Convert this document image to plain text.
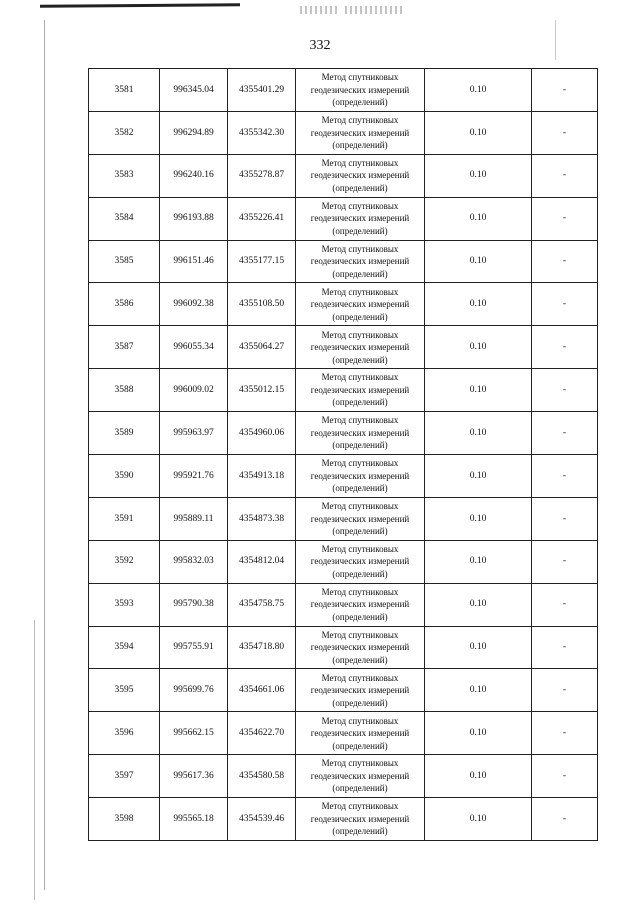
332
3581	996345.04	4355401.29	Метод спутниковых
геодезических измерений
(определений)	0.10	-
3582	996294.89	4355342.30	Метод спутниковых
геодезических измерений
(определений)	0.10	-
3583	996240.16	4355278.87	Метод спутниковых
геодезических измерений
(определений)	0.10	-
3584	996193.88	4355226.41	Метод спутниковых
геодезических измерений
(определений)	0.10	-
3585	996151.46	4355177.15	Метод спутниковых
геодезических измерений
(определений)	0.10	-
3586	996092.38	4355108.50	Метод спутниковых
геодезических измерений
(определений)	0.10	-
3587	996055.34	4355064.27	Метод спутниковых
геодезических измерений
(определений)	0.10	-
3588	996009.02	4355012.15	Метод спутниковых
геодезических измерений
(определений)	0.10	-
3589	995963.97	4354960.06	Метод спутниковых
геодезических измерений
(определений)	0.10	-
3590	995921.76	4354913.18	Метод спутниковых
геодезических измерений
(определений)	0.10	-
3591	995889.11	4354873.38	Метод спутниковых
геодезических измерений
(определений)	0.10	-
3592	995832.03	4354812.04	Метод спутниковых
геодезических измерений
(определений)	0.10	-
3593	995790.38	4354758.75	Метод спутниковых
геодезических измерений
(определений)	0.10	-
3594	995755.91	4354718.80	Метод спутниковых
геодезических измерений
(определений)	0.10	-
3595	995699.76	4354661.06	Метод спутниковых
геодезических измерений
(определений)	0.10	-
3596	995662.15	4354622.70	Метод спутниковых
геодезических измерений
(определений)	0.10	-
3597	995617.36	4354580.58	Метод спутниковых
геодезических измерений
(определений)	0.10	-
3598	995565.18	4354539.46	Метод спутниковых
геодезических измерений
(определений)	0.10	-
